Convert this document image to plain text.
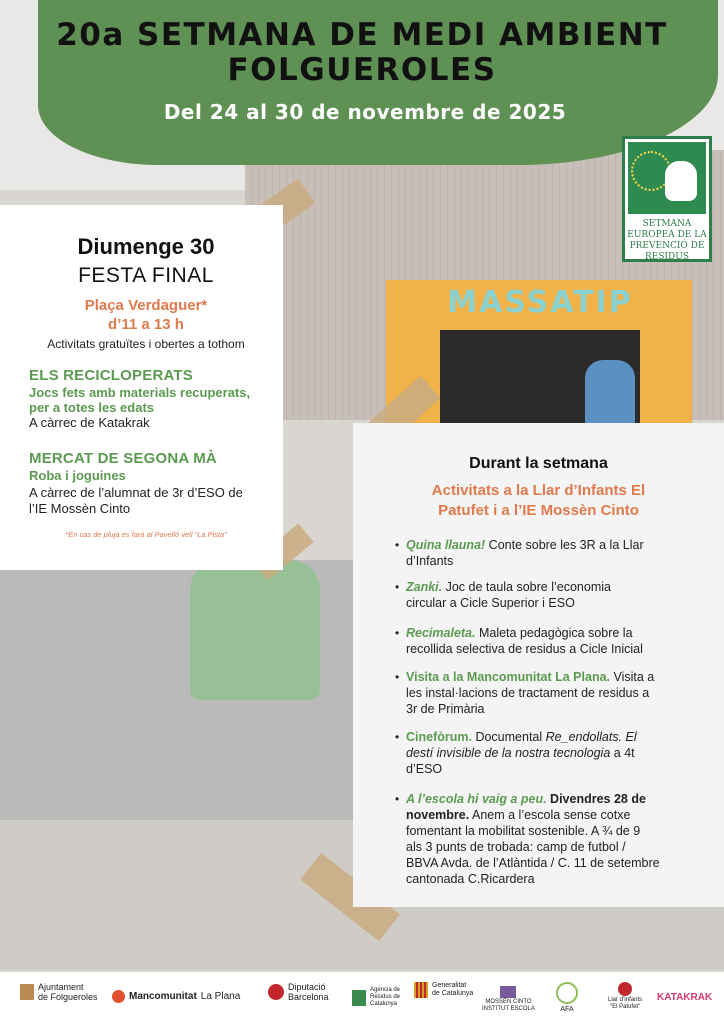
MASSATIP
20a SETMANA DE MEDI AMBIENT
FOLGUEROLES
Del 24 al 30 de novembre de 2025
SETMANA EUROPEA DE LA PREVENCIÓ DE RESIDUS
Diumenge 30
FESTA FINAL
Plaça Verdaguer*
d’11 a 13 h
Activitats gratuïtes i obertes a tothom
ELS RECICLOPERATS
Jocs fets amb materials recuperats,
per a totes les edats
A càrrec de Katakrak
MERCAT DE SEGONA MÀ
Roba i joguines
A càrrec de l’alumnat de 3r d’ESO de
l’IE Mossèn Cinto
*En cas de pluja es farà al Pavelló vell “La Pista”
Durant la setmana
Activitats a la Llar d’Infants El
Patufet i a l’IE Mossèn Cinto
• Quina llauna! Conte sobre les 3R a la Llar
d’Infants
• Zanki. Joc de taula sobre l’economia
circular a Cicle Superior i ESO
• Recimaleta. Maleta pedagògica sobre la
recollida selectiva de residus a Cicle Inicial
• Visita a la Mancomunitat La Plana. Visita a
les instal·lacions de tractament de residus a
3r de Primària
• Cinefòrum. Documental Re_endollats. El
destí invisible de la nostra tecnologia a 4t
d’ESO
• A l’escola hi vaig a peu. Divendres 28 de
novembre. Anem a l’escola sense cotxe
fomentant la mobilitat sostenible. A ¾ de 9
als 3 punts de trobada: camp de futbol /
BBVA Avda. de l’Atlàntida / C. 11 de setembre
cantonada C.Ricardera
Ajuntament
de Folgueroles	Mancomunitat La Plana
Diputació
Barcelona
Agència de
Residus de
Catalunya
Generalitat
de Catalunya
MOSSÈN CINTO
INSTITUT ESCOLA	AFA
Llar d'Infants
"El Patufet"
KATAKRAK
